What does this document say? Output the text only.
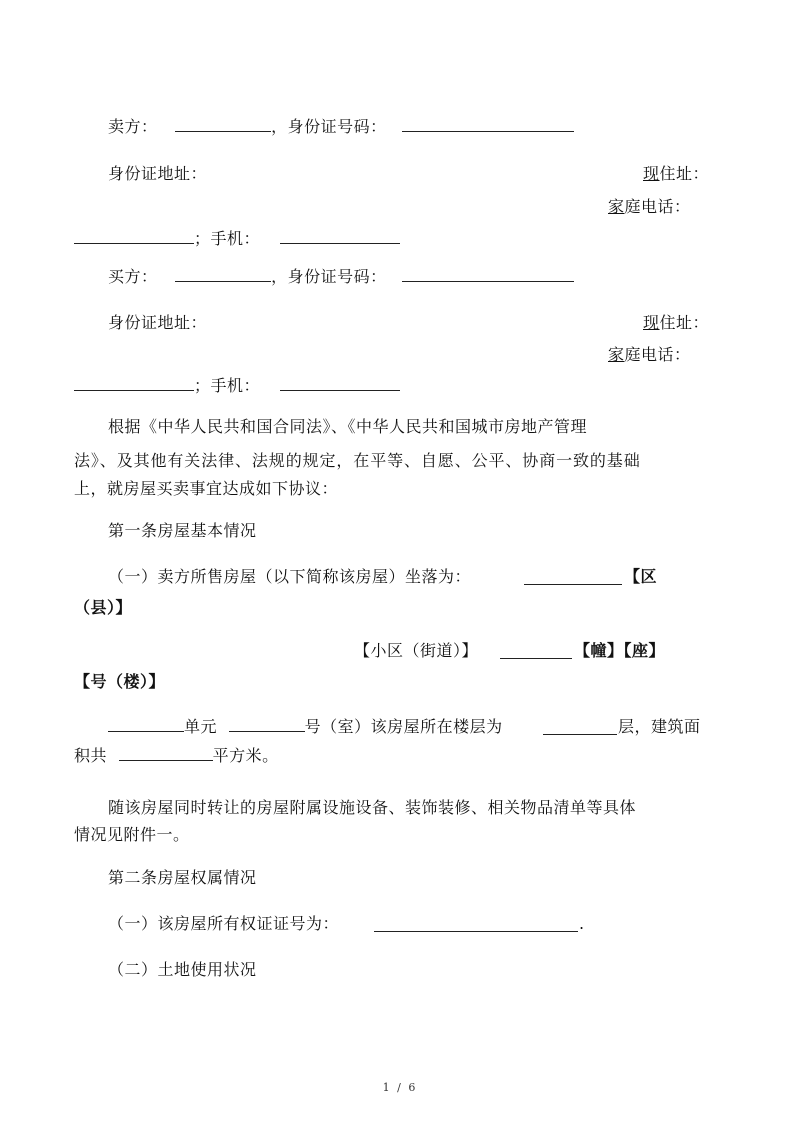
卖方：	，身份证号码：
身份证地址：	现住址：
家庭电话：
；手机：
买方：	，身份证号码：
身份证地址：	现住址：
家庭电话：
；手机：
根据《中华人民共和国合同法》、《中华人民共和国城市房地产管理
法》、及其他有关法律、法规的规定，在平等、自愿、公平、协商一致的基础
上，就房屋买卖事宜达成如下协议：
第一条房屋基本情况
（一）卖方所售房屋（以下简称该房屋）坐落为：	【区
（县）】
【小区（街道）】	【幢】【座】
【号（楼）】
单元	号（室）该房屋所在楼层为	层，建筑面
积共	平方米。
随该房屋同时转让的房屋附属设施设备、装饰装修、相关物品清单等具体
情况见附件一。
第二条房屋权属情况
（一）该房屋所有权证证号为：	.
（二）土地使用状况
1 / 6
